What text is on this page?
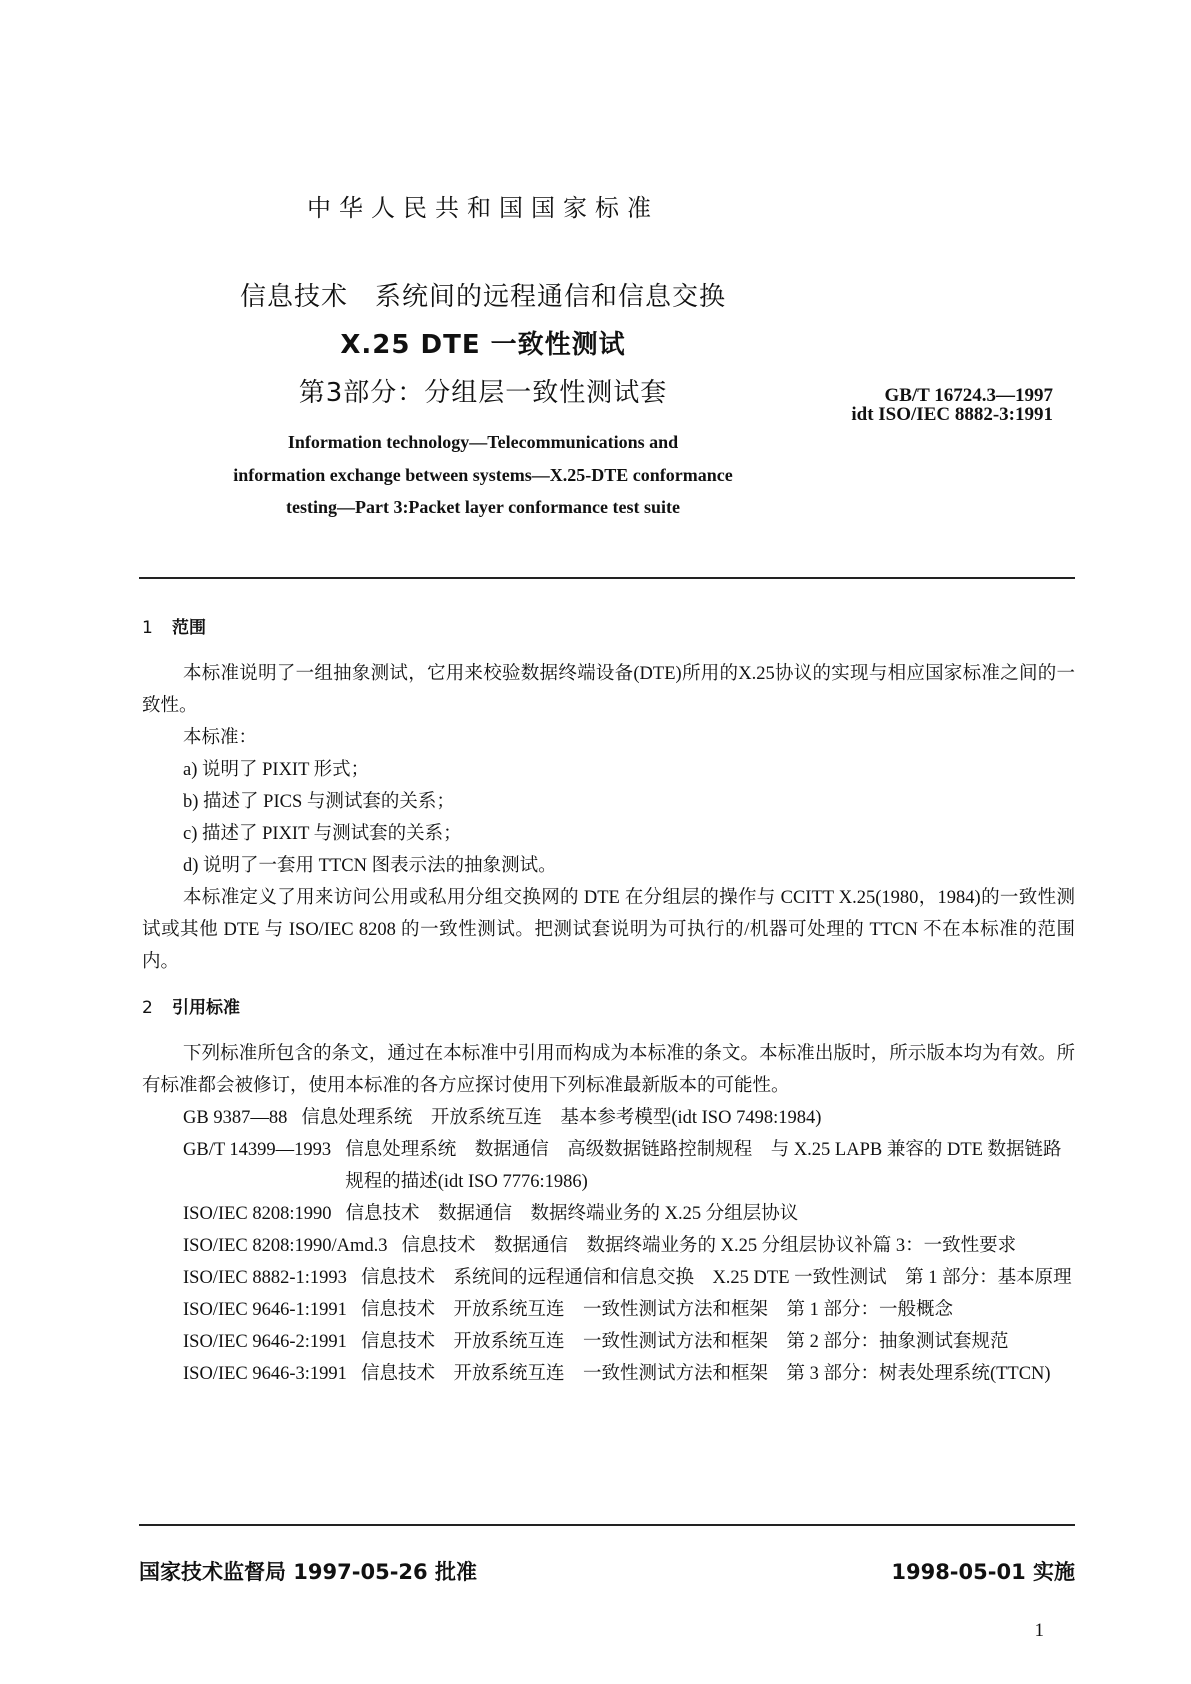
中华人民共和国国家标准
信息技术　系统间的远程通信和信息交换
X.25 DTE 一致性测试
第3部分：分组层一致性测试套	GB/T 16724.3—1997
idt ISO/IEC 8882-3:1991
Information technology—Telecommunications and
information exchange between systems—X.25-DTE conformance
testing—Part 3:Packet layer conformance test suite
1 范围

本标准说明了一组抽象测试，它用来校验数据终端设备(DTE)所用的X.25协议的实现与相应国家标准之间的一致性。

本标准：

a) 说明了 PIXIT 形式；

b) 描述了 PICS 与测试套的关系；

c) 描述了 PIXIT 与测试套的关系；

d) 说明了一套用 TTCN 图表示法的抽象测试。

本标准定义了用来访问公用或私用分组交换网的 DTE 在分组层的操作与 CCITT X.25(1980，1984)的一致性测试或其他 DTE 与 ISO/IEC 8208 的一致性测试。把测试套说明为可执行的/机器可处理的 TTCN 不在本标准的范围内。

2 引用标准

下列标准所包含的条文，通过在本标准中引用而构成为本标准的条文。本标准出版时，所示版本均为有效。所有标准都会被修订，使用本标准的各方应探讨使用下列标准最新版本的可能性。

GB 9387—88 信息处理系统　开放系统互连　基本参考模型(idt ISO 7498:1984)
GB/T 14399—1993 信息处理系统　数据通信　高级数据链路控制规程　与 X.25 LAPB 兼容的 DTE 数据链路规程的描述(idt ISO 7776:1986)
ISO/IEC 8208:1990 信息技术　数据通信　数据终端业务的 X.25 分组层协议
ISO/IEC 8208:1990/Amd.3 信息技术　数据通信　数据终端业务的 X.25 分组层协议补篇 3：一致性要求
ISO/IEC 8882-1:1993 信息技术　系统间的远程通信和信息交换　X.25 DTE 一致性测试　第 1 部分：基本原理
ISO/IEC 9646-1:1991 信息技术　开放系统互连　一致性测试方法和框架　第 1 部分：一般概念
ISO/IEC 9646-2:1991 信息技术　开放系统互连　一致性测试方法和框架　第 2 部分：抽象测试套规范
ISO/IEC 9646-3:1991 信息技术　开放系统互连　一致性测试方法和框架　第 3 部分：树表处理系统(TTCN)
国家技术监督局 1997-05-26 批准	1998-05-01 实施
1
